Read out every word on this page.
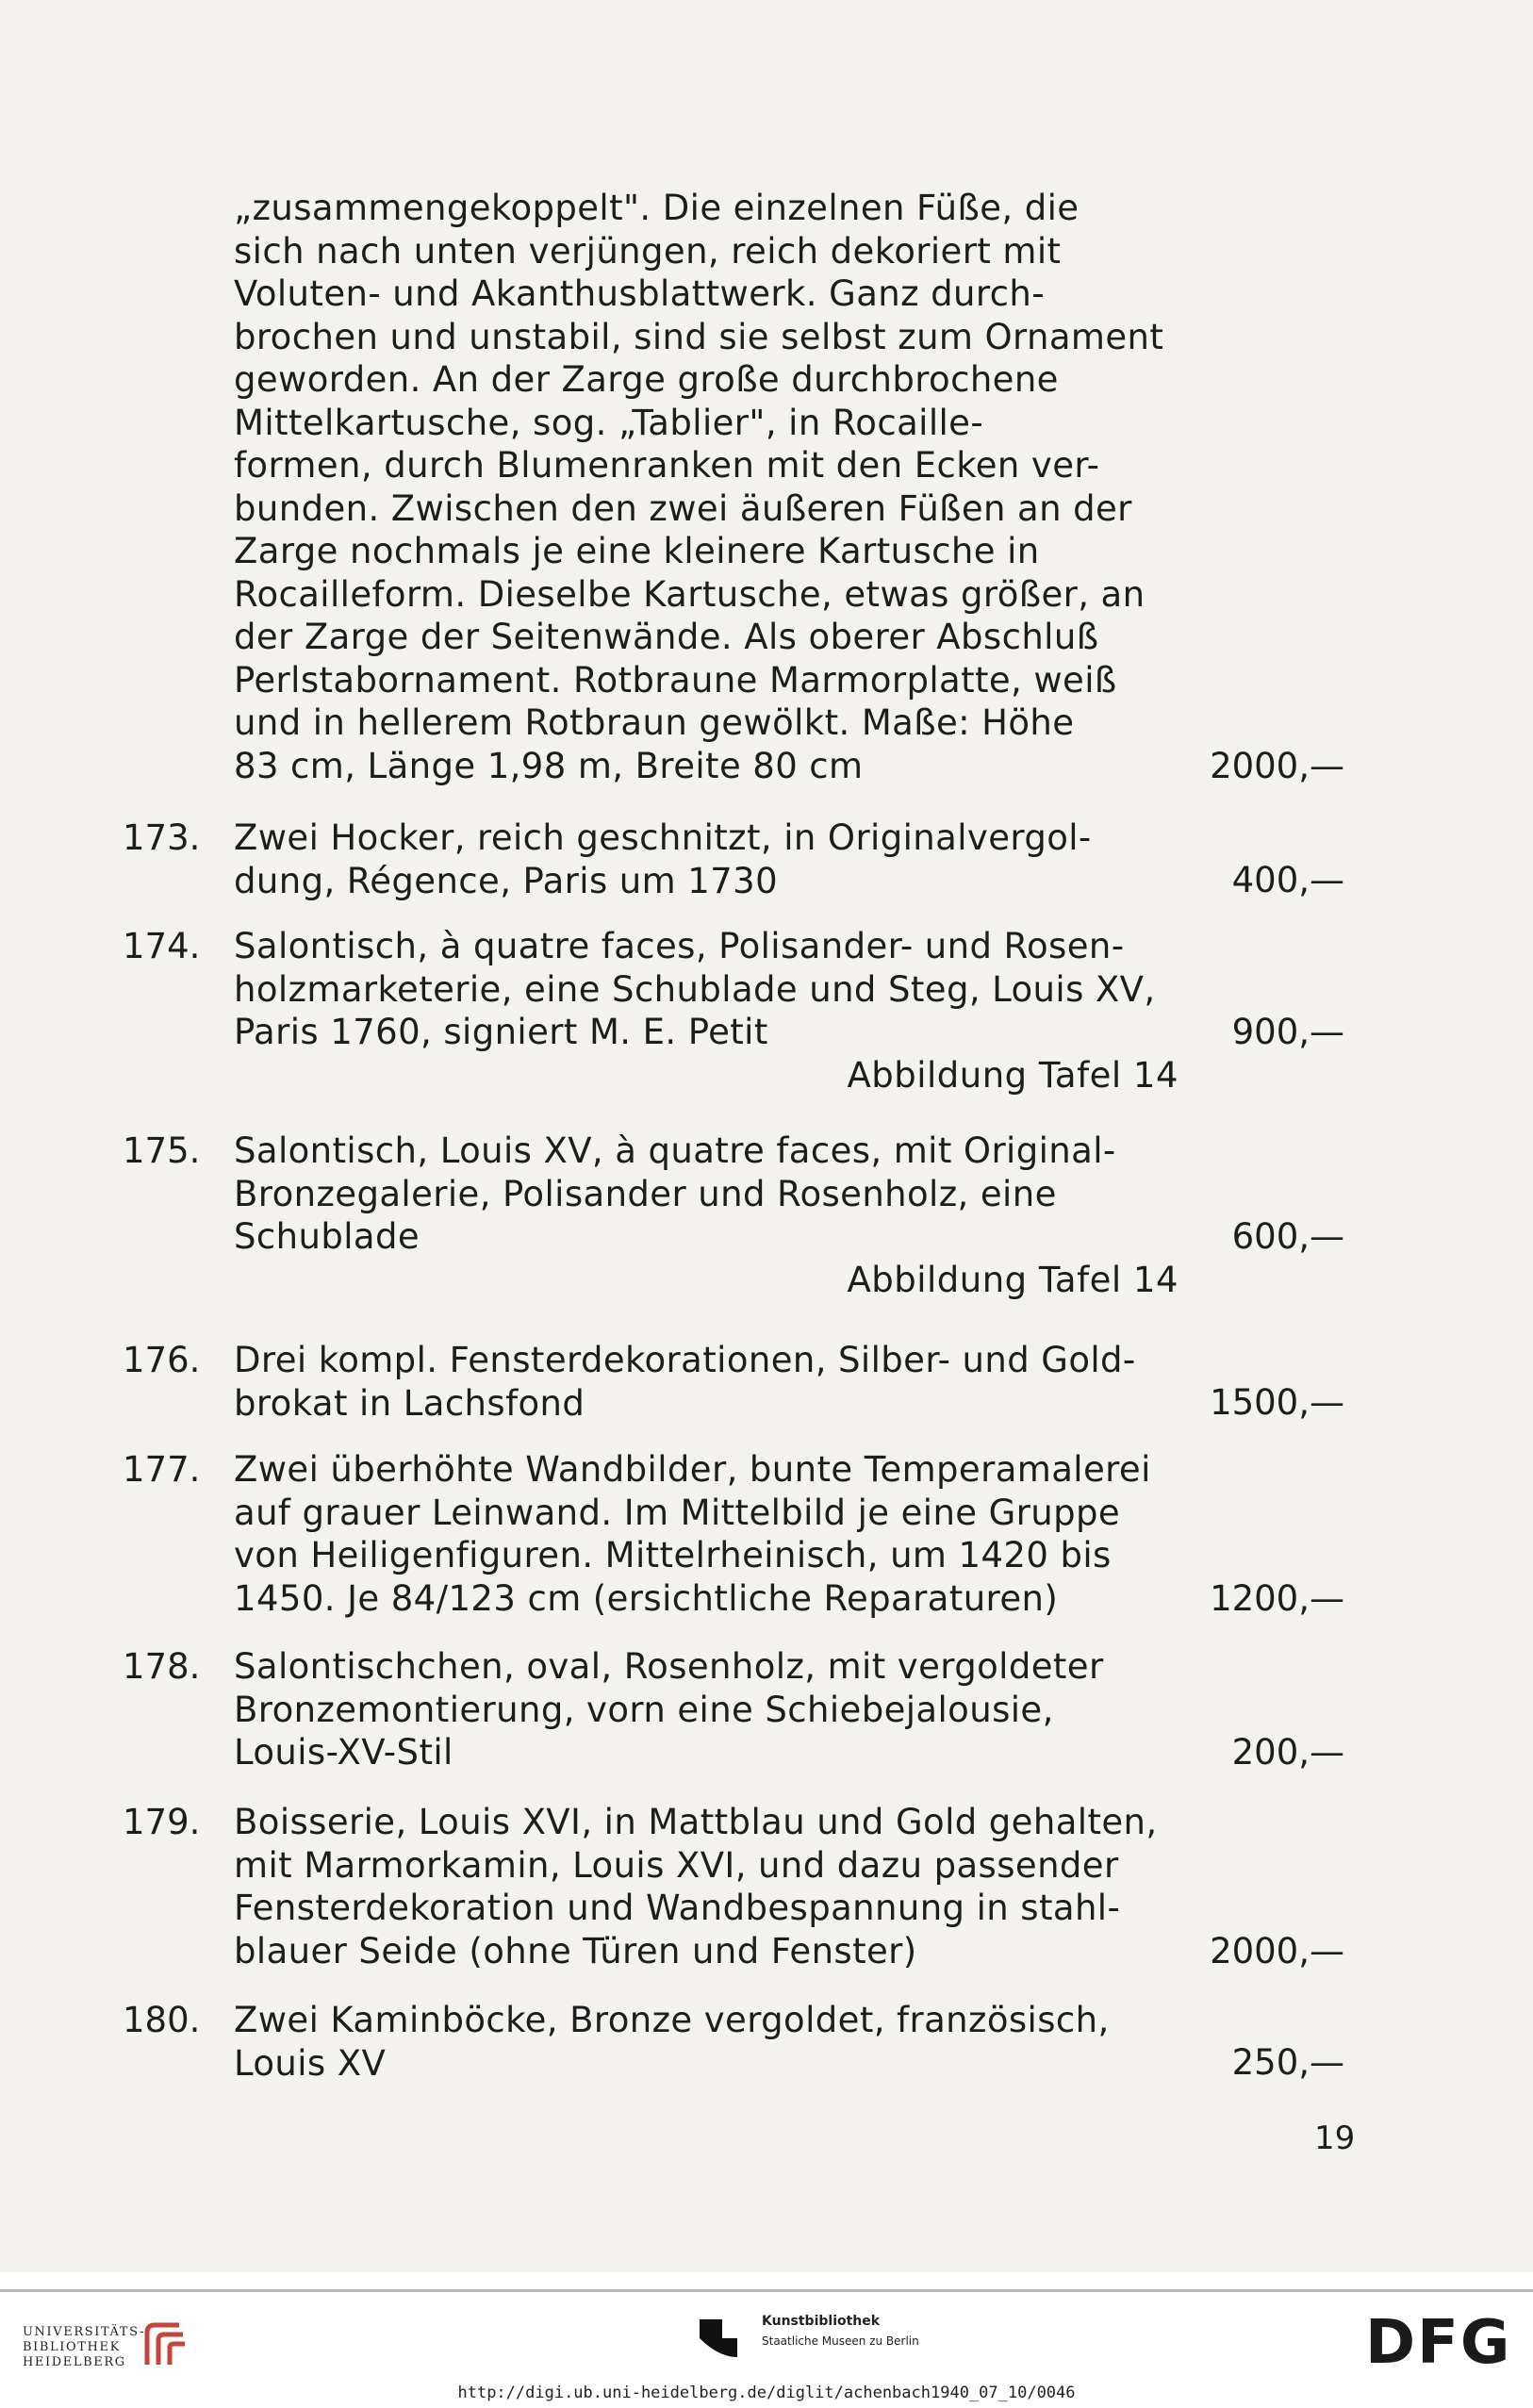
„zusammengekoppelt". Die einzelnen Füße, die
sich nach unten verjüngen, reich dekoriert mit
Voluten- und Akanthusblattwerk. Ganz durch-
brochen und unstabil, sind sie selbst zum Ornament
geworden. An der Zarge große durchbrochene
Mittelkartusche, sog. „Tablier", in Rocaille-
formen, durch Blumenranken mit den Ecken ver-
bunden. Zwischen den zwei äußeren Füßen an der
Zarge nochmals je eine kleinere Kartusche in
Rocailleform. Dieselbe Kartusche, etwas größer, an
der Zarge der Seitenwände. Als oberer Abschluß
Perlstabornament. Rotbraune Marmorplatte, weiß
und in hellerem Rotbraun gewölkt. Maße: Höhe
83 cm, Länge 1,98 m, Breite 80 cm	2000,—
173. Zwei Hocker, reich geschnitzt, in Originalvergol-
dung, Régence, Paris um 1730	400,—
174. Salontisch, à quatre faces, Polisander- und Rosen-
holzmarketerie, eine Schublade und Steg, Louis XV,
Paris 1760, signiert M. E. Petit	900,—
Abbildung Tafel 14
175. Salontisch, Louis XV, à quatre faces, mit Original-
Bronzegalerie, Polisander und Rosenholz, eine
Schublade	600,—
Abbildung Tafel 14
176. Drei kompl. Fensterdekorationen, Silber- und Gold-
brokat in Lachsfond	1500,—
177. Zwei überhöhte Wandbilder, bunte Temperamalerei
auf grauer Leinwand. Im Mittelbild je eine Gruppe
von Heiligenfiguren. Mittelrheinisch, um 1420 bis
1450. Je 84/123 cm (ersichtliche Reparaturen)	1200,—
178. Salontischchen, oval, Rosenholz, mit vergoldeter
Bronzemontierung, vorn eine Schiebejalousie,
Louis-XV-Stil	200,—
179. Boisserie, Louis XVI, in Mattblau und Gold gehalten,
mit Marmorkamin, Louis XVI, und dazu passender
Fensterdekoration und Wandbespannung in stahl-
blauer Seide (ohne Türen und Fenster)	2000,—
180. Zwei Kaminböcke, Bronze vergoldet, französisch,
Louis XV	250,—
19
UNIVERSITÄTS-
BIBLIOTHEK
HEIDELBERG
Kunstbibliothek
Staatliche Museen zu Berlin	DFG
http://digi.ub.uni-heidelberg.de/diglit/achenbach1940_07_10/0046
